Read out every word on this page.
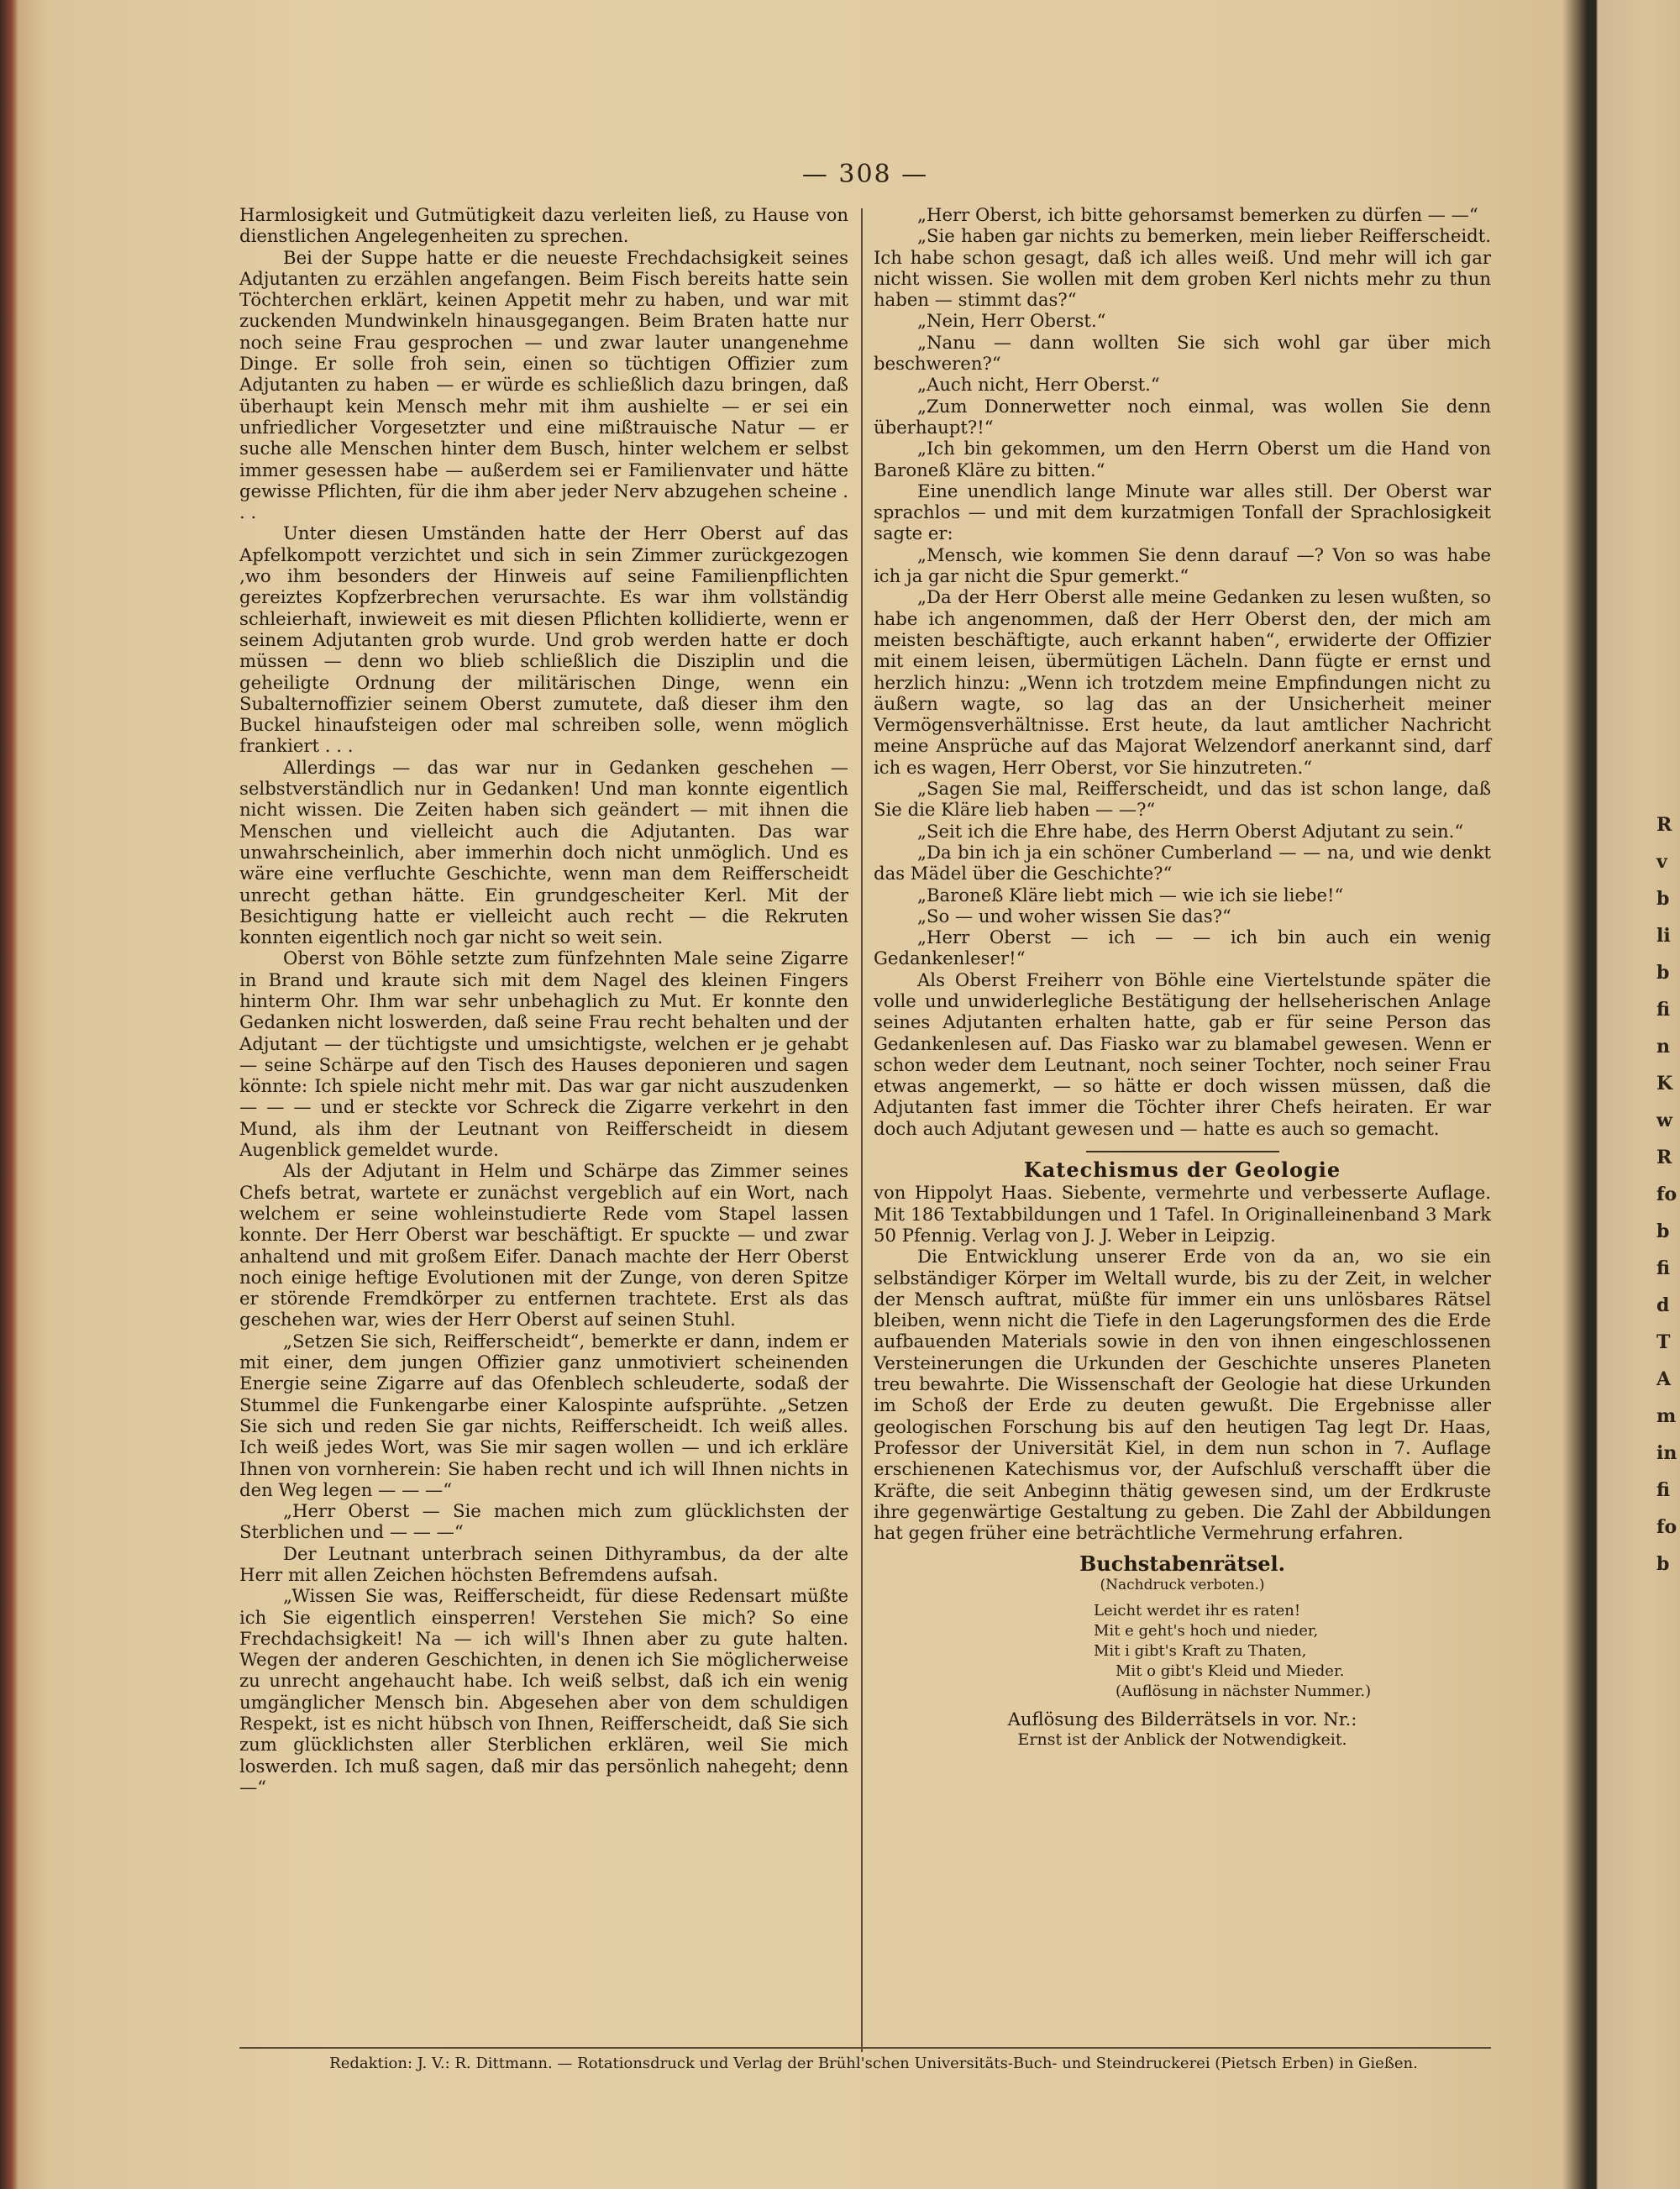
— 308 —

Harmlosigkeit und Gutmütigkeit dazu verleiten ließ, zu Hause von dienstlichen Angelegenheiten zu sprechen.

Bei der Suppe hatte er die neueste Frechdachsigkeit seines Adjutanten zu erzählen angefangen. Beim Fisch bereits hatte sein Töchterchen erklärt, keinen Appetit mehr zu haben, und war mit zuckenden Mundwinkeln hinausgegangen. Beim Braten hatte nur noch seine Frau gesprochen — und zwar lauter unangenehme Dinge. Er solle froh sein, einen so tüchtigen Offizier zum Adjutanten zu haben — er würde es schließlich dazu bringen, daß überhaupt kein Mensch mehr mit ihm aushielte — er sei ein unfriedlicher Vorgesetzter und eine mißtrauische Natur — er suche alle Menschen hinter dem Busch, hinter welchem er selbst immer gesessen habe — außerdem sei er Familienvater und hätte gewisse Pflichten, für die ihm aber jeder Nerv abzugehen scheine . . .

Unter diesen Umständen hatte der Herr Oberst auf das Apfelkompott verzichtet und sich in sein Zimmer zurückgezogen ‚wo ihm besonders der Hinweis auf seine Familienpflichten gereiztes Kopfzerbrechen verursachte. Es war ihm vollständig schleierhaft, inwieweit es mit diesen Pflichten kollidierte, wenn er seinem Adjutanten grob wurde. Und grob werden hatte er doch müssen — denn wo blieb schließlich die Disziplin und die geheiligte Ordnung der militärischen Dinge, wenn ein Subalternoffizier seinem Oberst zumutete, daß dieser ihm den Buckel hinaufsteigen oder mal schreiben solle, wenn möglich frankiert . . .

Allerdings — das war nur in Gedanken geschehen — selbstverständlich nur in Gedanken! Und man konnte eigentlich nicht wissen. Die Zeiten haben sich geändert — mit ihnen die Menschen und vielleicht auch die Adjutanten. Das war unwahrscheinlich, aber immerhin doch nicht unmöglich. Und es wäre eine verfluchte Geschichte, wenn man dem Reifferscheidt unrecht gethan hätte. Ein grundgescheiter Kerl. Mit der Besichtigung hatte er vielleicht auch recht — die Rekruten konnten eigentlich noch gar nicht so weit sein.

Oberst von Böhle setzte zum fünfzehnten Male seine Zigarre in Brand und kraute sich mit dem Nagel des kleinen Fingers hinterm Ohr. Ihm war sehr unbehaglich zu Mut. Er konnte den Gedanken nicht loswerden, daß seine Frau recht behalten und der Adjutant — der tüchtigste und umsichtigste, welchen er je gehabt — seine Schärpe auf den Tisch des Hauses deponieren und sagen könnte: Ich spiele nicht mehr mit. Das war gar nicht auszudenken — — — und er steckte vor Schreck die Zigarre verkehrt in den Mund, als ihm der Leutnant von Reifferscheidt in diesem Augenblick gemeldet wurde.

Als der Adjutant in Helm und Schärpe das Zimmer seines Chefs betrat, wartete er zunächst vergeblich auf ein Wort, nach welchem er seine wohleinstudierte Rede vom Stapel lassen konnte. Der Herr Oberst war beschäftigt. Er spuckte — und zwar anhaltend und mit großem Eifer. Danach machte der Herr Oberst noch einige heftige Evolutionen mit der Zunge, von deren Spitze er störende Fremdkörper zu entfernen trachtete. Erst als das geschehen war, wies der Herr Oberst auf seinen Stuhl.

„Setzen Sie sich, Reifferscheidt“, bemerkte er dann, indem er mit einer, dem jungen Offizier ganz unmotiviert scheinenden Energie seine Zigarre auf das Ofenblech schleuderte, sodaß der Stummel die Funkengarbe einer Kalospinte aufsprühte. „Setzen Sie sich und reden Sie gar nichts, Reifferscheidt. Ich weiß alles. Ich weiß jedes Wort, was Sie mir sagen wollen — und ich erkläre Ihnen von vornherein: Sie haben recht und ich will Ihnen nichts in den Weg legen — — —“

„Herr Oberst — Sie machen mich zum glücklichsten der Sterblichen und — — —“

Der Leutnant unterbrach seinen Dithyrambus, da der alte Herr mit allen Zeichen höchsten Befremdens aufsah.

„Wissen Sie was, Reifferscheidt, für diese Redensart müßte ich Sie eigentlich einsperren! Verstehen Sie mich? So eine Frechdachsigkeit! Na — ich will's Ihnen aber zu gute halten. Wegen der anderen Geschichten, in denen ich Sie möglicherweise zu unrecht angehaucht habe. Ich weiß selbst, daß ich ein wenig umgänglicher Mensch bin. Abgesehen aber von dem schuldigen Respekt, ist es nicht hübsch von Ihnen, Reifferscheidt, daß Sie sich zum glücklichsten aller Sterblichen erklären, weil Sie mich loswerden. Ich muß sagen, daß mir das persönlich nahegeht; denn —“

„Herr Oberst, ich bitte gehorsamst bemerken zu dürfen — —“

„Sie haben gar nichts zu bemerken, mein lieber Reifferscheidt. Ich habe schon gesagt, daß ich alles weiß. Und mehr will ich gar nicht wissen. Sie wollen mit dem groben Kerl nichts mehr zu thun haben — stimmt das?“

„Nein, Herr Oberst.“

„Nanu — dann wollten Sie sich wohl gar über mich beschweren?“

„Auch nicht, Herr Oberst.“

„Zum Donnerwetter noch einmal, was wollen Sie denn überhaupt?!“

„Ich bin gekommen, um den Herrn Oberst um die Hand von Baroneß Kläre zu bitten.“

Eine unendlich lange Minute war alles still. Der Oberst war sprachlos — und mit dem kurzatmigen Tonfall der Sprachlosigkeit sagte er:

„Mensch, wie kommen Sie denn darauf —? Von so was habe ich ja gar nicht die Spur gemerkt.“

„Da der Herr Oberst alle meine Gedanken zu lesen wußten, so habe ich angenommen, daß der Herr Oberst den, der mich am meisten beschäftigte, auch erkannt haben“, erwiderte der Offizier mit einem leisen, übermütigen Lächeln. Dann fügte er ernst und herzlich hinzu: „Wenn ich trotzdem meine Empfindungen nicht zu äußern wagte, so lag das an der Unsicherheit meiner Vermögensverhältnisse. Erst heute, da laut amtlicher Nachricht meine Ansprüche auf das Majorat Welzendorf anerkannt sind, darf ich es wagen, Herr Oberst, vor Sie hinzutreten.“

„Sagen Sie mal, Reifferscheidt, und das ist schon lange, daß Sie die Kläre lieb haben — —?“

„Seit ich die Ehre habe, des Herrn Oberst Adjutant zu sein.“

„Da bin ich ja ein schöner Cumberland — — na, und wie denkt das Mädel über die Geschichte?“

„Baroneß Kläre liebt mich — wie ich sie liebe!“

„So — und woher wissen Sie das?“

„Herr Oberst — ich — — ich bin auch ein wenig Gedankenleser!“

Als Oberst Freiherr von Böhle eine Viertelstunde später die volle und unwiderlegliche Bestätigung der hellseherischen Anlage seines Adjutanten erhalten hatte, gab er für seine Person das Gedankenlesen auf. Das Fiasko war zu blamabel gewesen. Wenn er schon weder dem Leutnant, noch seiner Tochter, noch seiner Frau etwas angemerkt, — so hätte er doch wissen müssen, daß die Adjutanten fast immer die Töchter ihrer Chefs heiraten. Er war doch auch Adjutant gewesen und — hatte es auch so gemacht.

Katechismus der Geologie

von Hippolyt Haas. Siebente, vermehrte und verbesserte Auflage. Mit 186 Textabbildungen und 1 Tafel. In Originalleinenband 3 Mark 50 Pfennig. Verlag von J. J. Weber in Leipzig.

Die Entwicklung unserer Erde von da an, wo sie ein selbständiger Körper im Weltall wurde, bis zu der Zeit, in welcher der Mensch auftrat, müßte für immer ein uns unlösbares Rätsel bleiben, wenn nicht die Tiefe in den Lagerungsformen des die Erde aufbauenden Materials sowie in den von ihnen eingeschlossenen Versteinerungen die Urkunden der Geschichte unseres Planeten treu bewahrte. Die Wissenschaft der Geologie hat diese Urkunden im Schoß der Erde zu deuten gewußt. Die Ergebnisse aller geologischen Forschung bis auf den heutigen Tag legt Dr. Haas, Professor der Universität Kiel, in dem nun schon in 7. Auflage erschienenen Katechismus vor, der Aufschluß verschafft über die Kräfte, die seit Anbeginn thätig gewesen sind, um der Erdkruste ihre gegenwärtige Gestaltung zu geben. Die Zahl der Abbildungen hat gegen früher eine beträchtliche Vermehrung erfahren.

Buchstabenrätsel.
(Nachdruck verboten.)

Leicht werdet ihr es raten!

Mit e geht's hoch und nieder,

Mit i gibt's Kraft zu Thaten,

Mit o gibt's Kleid und Mieder.

(Auflösung in nächster Nummer.)

Auflösung des Bilderrätsels in vor. Nr.:
Ernst ist der Anblick der Notwendigkeit.
Redaktion: J. V.: R. Dittmann. — Rotationsdruck und Verlag der Brühl'schen Universitäts-Buch- und Steindruckerei (Pietsch Erben) in Gießen.
R
v
b
li
b
fi
n
K
w
R
fo
b
fi
d
T
A
m
in
fi
fo
b
